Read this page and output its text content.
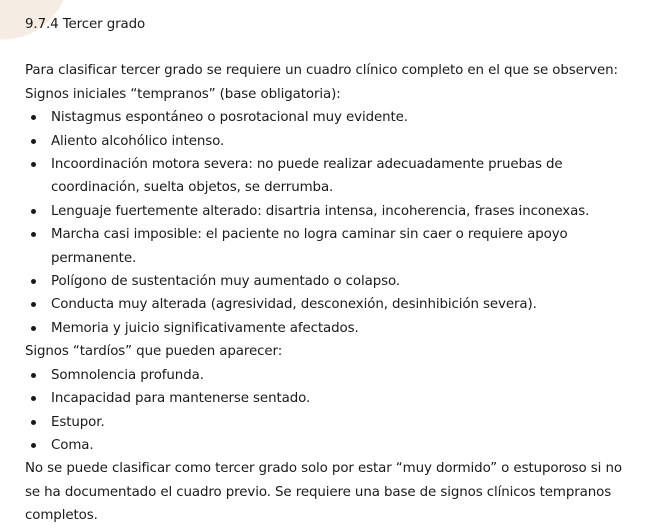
9.7.4 Tercer grado

Para clasificar tercer grado se requiere un cuadro clínico completo en el que se observen:

Signos iniciales “tempranos” (base obligatoria):

Nistagmus espontáneo o posrotacional muy evidente.
Aliento alcohólico intenso.
Incoordinación motora severa: no puede realizar adecuadamente pruebas de coordinación, suelta objetos, se derrumba.
Lenguaje fuertemente alterado: disartria intensa, incoherencia, frases inconexas.
Marcha casi imposible: el paciente no logra caminar sin caer o requiere apoyo permanente.
Polígono de sustentación muy aumentado o colapso.
Conducta muy alterada (agresividad, desconexión, desinhibición severa).
Memoria y juicio significativamente afectados.

Signos “tardíos” que pueden aparecer:

Somnolencia profunda.
Incapacidad para mantenerse sentado.
Estupor.
Coma.

No se puede clasificar como tercer grado solo por estar “muy dormido” o estuporoso si no se ha documentado el cuadro previo. Se requiere una base de signos clínicos tempranos completos.
